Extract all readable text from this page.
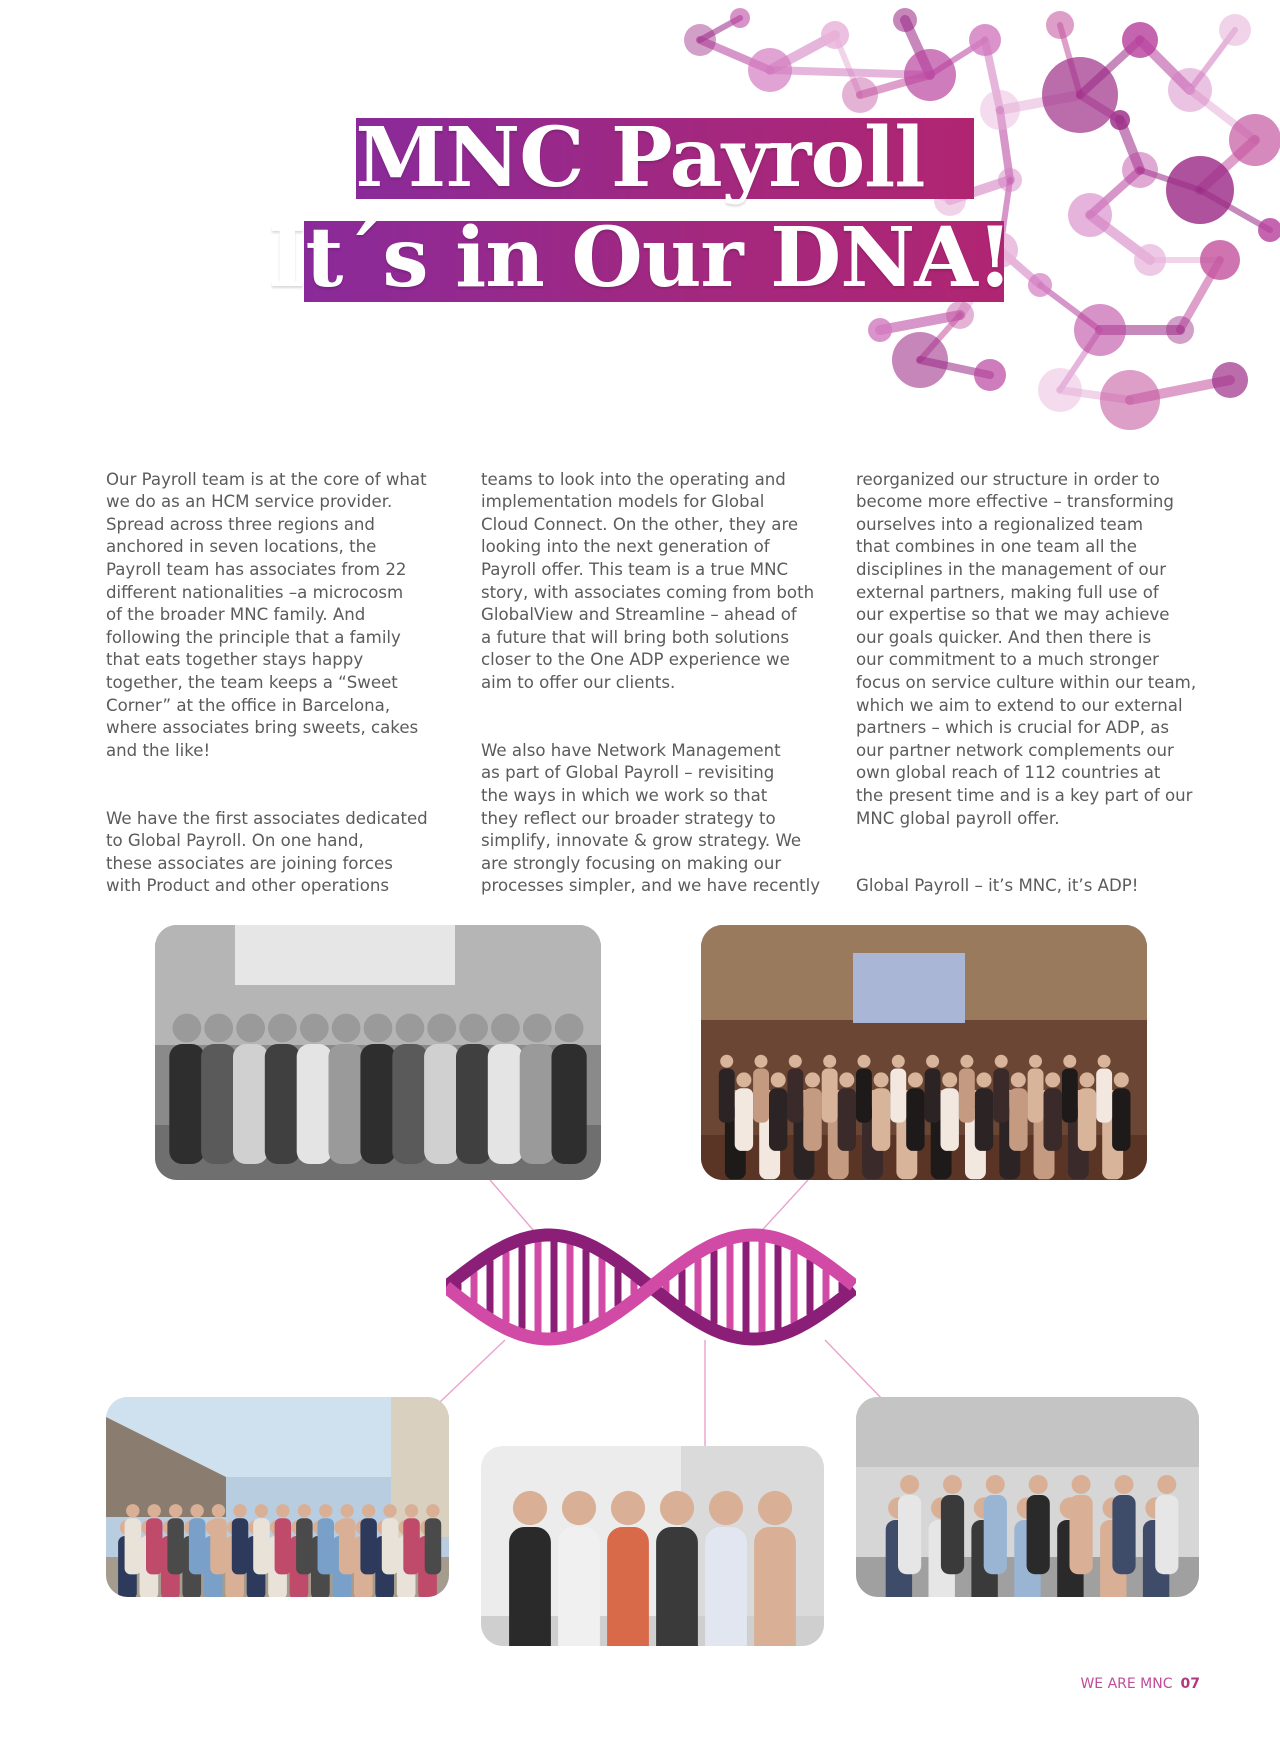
MNC Payroll
It´s in Our DNA!

Our Payroll team is at the core of what
we do as an HCM service provider.
Spread across three regions and
anchored in seven locations, the
Payroll team has associates from 22
different nationalities –a microcosm
of the broader MNC family. And
following the principle that a family
that eats together stays happy
together, the team keeps a “Sweet
Corner” at the office in Barcelona,
where associates bring sweets, cakes
and the like!

We have the first associates dedicated
to Global Payroll. On one hand,
these associates are joining forces
with Product and other operations

teams to look into the operating and
implementation models for Global
Cloud Connect. On the other, they are
looking into the next generation of
Payroll offer. This team is a true MNC
story, with associates coming from both
GlobalView and Streamline – ahead of
a future that will bring both solutions
closer to the One ADP experience we
aim to offer our clients.

We also have Network Management
as part of Global Payroll – revisiting
the ways in which we work so that
they reflect our broader strategy to
simplify, innovate & grow strategy. We
are strongly focusing on making our
processes simpler, and we have recently

reorganized our structure in order to
become more effective – transforming
ourselves into a regionalized team
that combines in one team all the
disciplines in the management of our
external partners, making full use of
our expertise so that we may achieve
our goals quicker. And then there is
our commitment to a much stronger
focus on service culture within our team,
which we aim to extend to our external
partners – which is crucial for ADP, as
our partner network complements our
own global reach of 112 countries at
the present time and is a key part of our
MNC global payroll offer.

Global Payroll – it’s MNC, it’s ADP!

WE ARE MNC 07
